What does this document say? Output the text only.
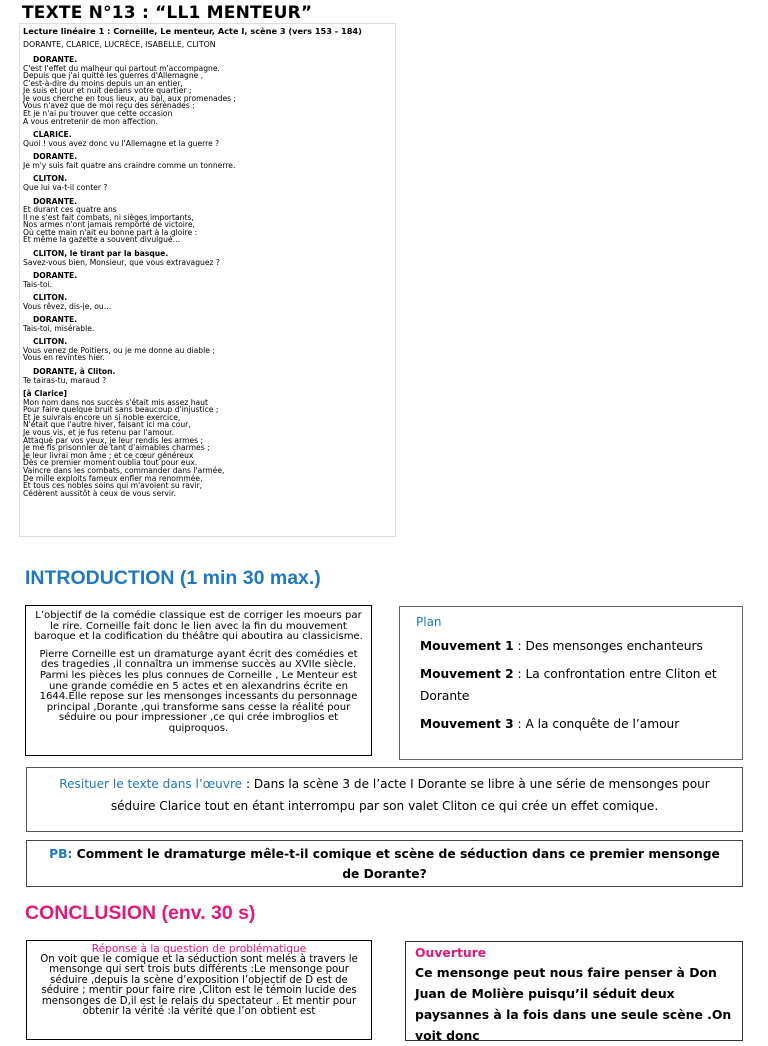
TEXTE N°13 : “LL1 MENTEUR”
Lecture linéaire 1 : Corneille, Le menteur, Acte I, scène 3 (vers 153 - 184)
DORANTE, CLARICE, LUCRÈCE, ISABELLE, CLITON
DORANTE.
C'est l'effet du malheur qui partout m'accompagne.
Depuis que j'ai quitté les guerres d'Allemagne ,
C'est-à-dire du moins depuis un an entier,
Je suis et jour et nuit dedans votre quartier ;
Je vous cherche en tous lieux, au bal, aux promenades ;
Vous n'avez que de moi reçu des sérénades ;
Et je n'ai pu trouver que cette occasion
A vous entretenir de mon affection.
CLARICE.
Quoi ! vous avez donc vu l'Allemagne et la guerre ?
DORANTE.
Je m'y suis fait quatre ans craindre comme un tonnerre.
CLITON.
Que lui va-t-il conter ?
DORANTE.
Et durant ces quatre ans
Il ne s'est fait combats, ni sièges importants,
Nos armes n'ont jamais remporté de victoire,
Où cette main n'ait eu bonne part à la gloire :
Et même la gazette a souvent divulgué…
CLITON, le tirant par la basque.
Savez-vous bien, Monsieur, que vous extravaguez ?
DORANTE.
Tais-toi.
CLITON.
Vous rêvez, dis-je, ou…
DORANTE.
Tais-toi, misérable.
CLITON.
Vous venez de Poitiers, ou je me donne au diable ;
Vous en revîntes hier.
DORANTE, à Cliton.
Te tairas-tu, maraud ?
[à Clarice]
Mon nom dans nos succès s'était mis assez haut
Pour faire quelque bruit sans beaucoup d'injustice ;
Et je suivrais encore un si noble exercice,
N'était que l'autre hiver, faisant ici ma cour,
Je vous vis, et je fus retenu par l'amour.
Attaqué par vos yeux, je leur rendis les armes ;
Je me fis prisonnier de tant d'aimables charmes ;
Je leur livrai mon âme ; et ce cœur généreux
Dès ce premier moment oublia tout pour eux.
Vaincre dans les combats, commander dans l'armée,
De mille exploits fameux enfler ma renommée,
Et tous ces nobles soins qui m'avoient su ravir,
Cédèrent aussitôt à ceux de vous servir.
INTRODUCTION (1 min 30 max.)

L’objectif de la comédie classique est de corriger les moeurs par le rire. Corneille fait donc le lien avec la fin du mouvement baroque et la codification du théâtre qui aboutira au classicisme.

Pierre Corneille est un dramaturge ayant écrit des comédies et des tragedies ,il connaîtra un immense succès au XVIIe siècle. Parmi les pièces les plus connues de Corneille , Le Menteur est une grande comédie en 5 actes et en alexandrins écrite en 1644.Elle repose sur les mensonges incessants du personnage principal ,Dorante ,qui transforme sans cesse la réalité pour séduire ou pour impressioner ,ce qui crée imbroglios et quiproquos.

Plan
Mouvement 1 : Des mensonges enchanteurs
Mouvement 2 : La confrontation entre Cliton et Dorante
Mouvement 3 : A la conquête de l’amour
Resituer le texte dans l’œuvre : Dans la scène 3 de l’acte I Dorante se libre à une série de mensonges pour séduire Clarice tout en étant interrompu par son valet Cliton ce qui crée un effet comique.
PB: Comment le dramaturge mêle-t-il comique et scène de séduction dans ce premier mensonge de Dorante?
CONCLUSION (env. 30 s)
Réponse à la question de problématique
On voit que le comique et la séduction sont melés à travers le mensonge qui sert trois buts différents :Le mensonge pour séduire ,depuis la scène d’exposition l’objectif de D est de séduire ; mentir pour faire rire ,Cliton est le témoin lucide des mensonges de D,il est le relais du spectateur . Et mentir pour obtenir la vérité :la vérité que l’on obtient est
Ouverture
Ce mensonge peut nous faire penser à Don Juan de Molière puisqu’il séduit deux paysannes à la fois dans une seule scène .On voit donc
